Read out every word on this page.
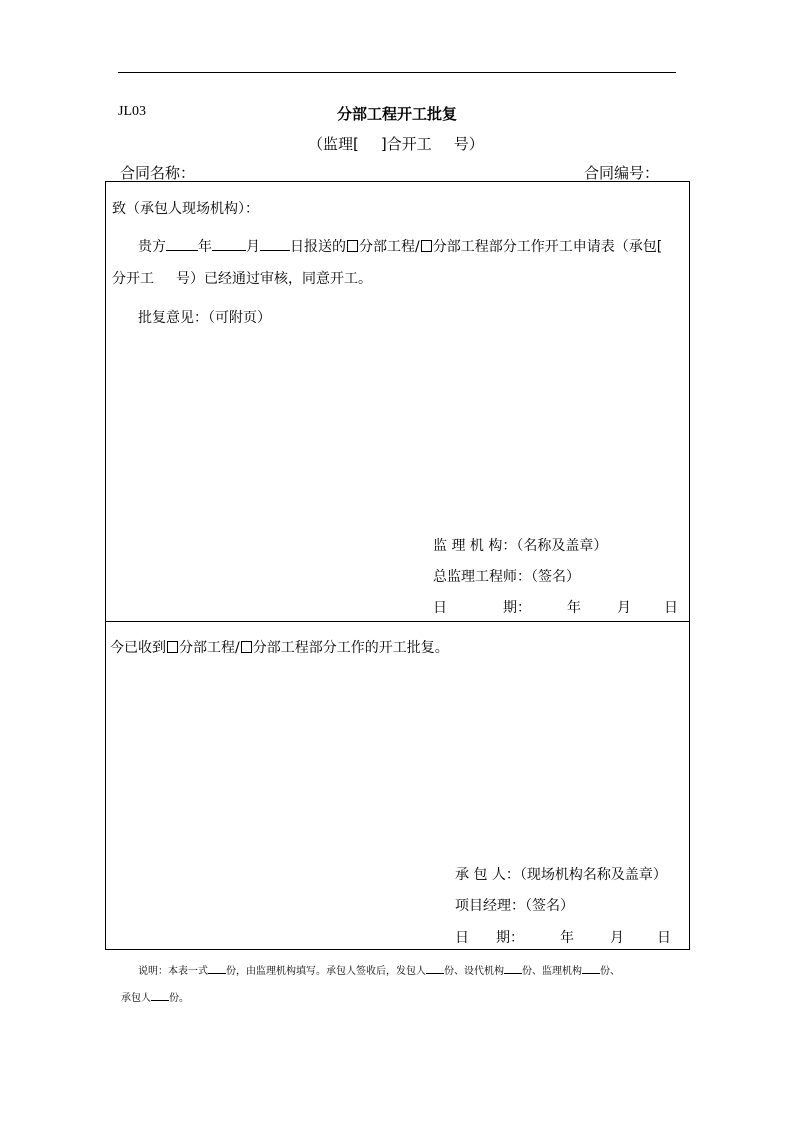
JL03	分部工程开工批复
（监理[ ]合开工 号）
合同名称：	合同编号：
致（承包人现场机构）：
贵方 年 月 日报送的 分部工程/ 分部工程部分工作开工申请表（承包[
分开工 号）已经通过审核，同意开工。
批复意见：（可附页）
监 理 机 构：（名称及盖章）
总监理工程师：（签名）
日	期：	年	月 日
今已收到 分部工程/ 分部工程部分工作的开工批复。
承 包 人：（现场机构名称及盖章）
项目经理：（签名）
日 期：	年	月 日
说明：本表一式 份，由监理机构填写。承包人签收后，发包人 份、设代机构 份、监理机构 份、
承包人 份。
